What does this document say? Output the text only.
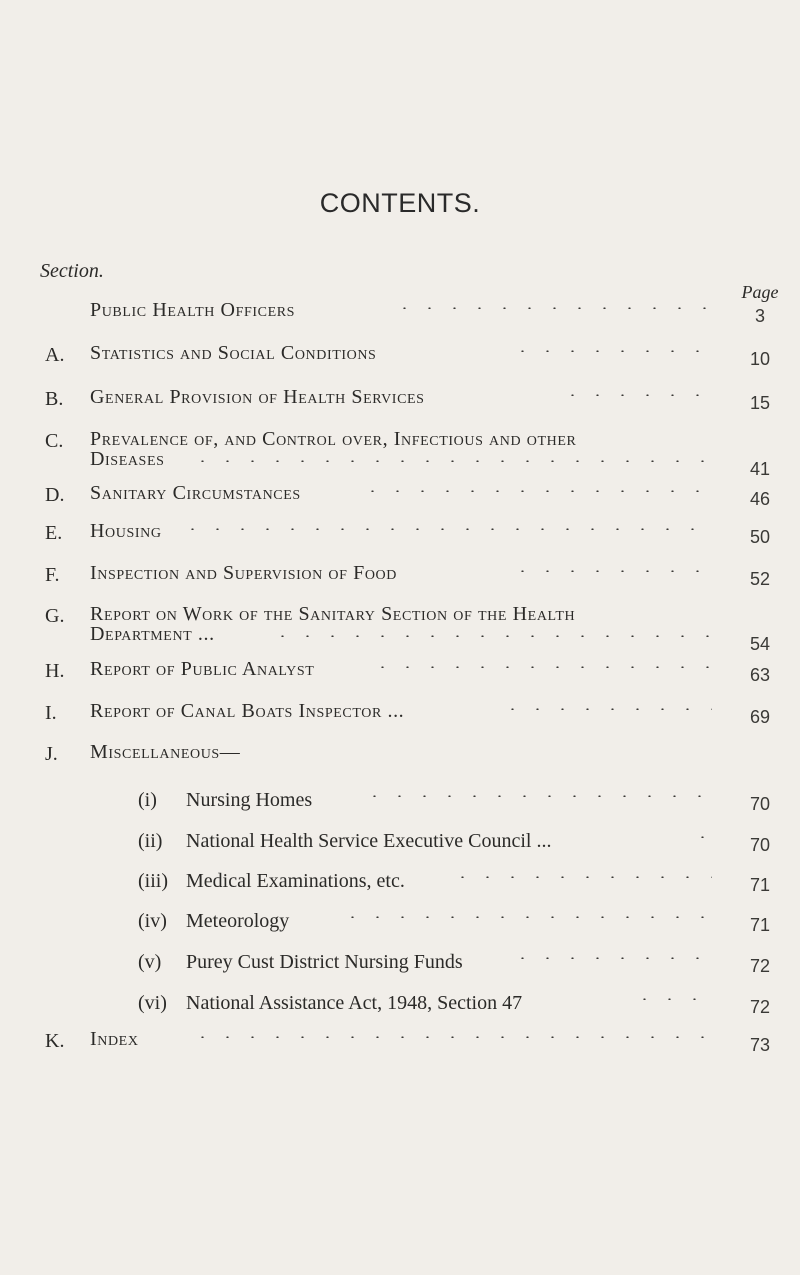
CONTENTS.
Section.
Page
Public Health Officers	3
A. Statistics and Social Conditions	10
B. General Provision of Health Services	15
C. Prevalence of, and Control over, Infectious and other
Diseases	41
D. Sanitary Circumstances	46
E. Housing	50
F. Inspection and Supervision of Food	52
G. Report on Work of the Sanitary Section of the Health
Department ...	54
H. Report of Public Analyst	63
I. Report of Canal Boats Inspector ...	69
J. Miscellaneous—
(i) Nursing Homes	70
(ii) National Health Service Executive Council ...	70
(iii) Medical Examinations, etc.	71
(iv) Meteorology	71
(v) Purey Cust District Nursing Funds	72
(vi) National Assistance Act, 1948, Section 47	72
K. Index	73
